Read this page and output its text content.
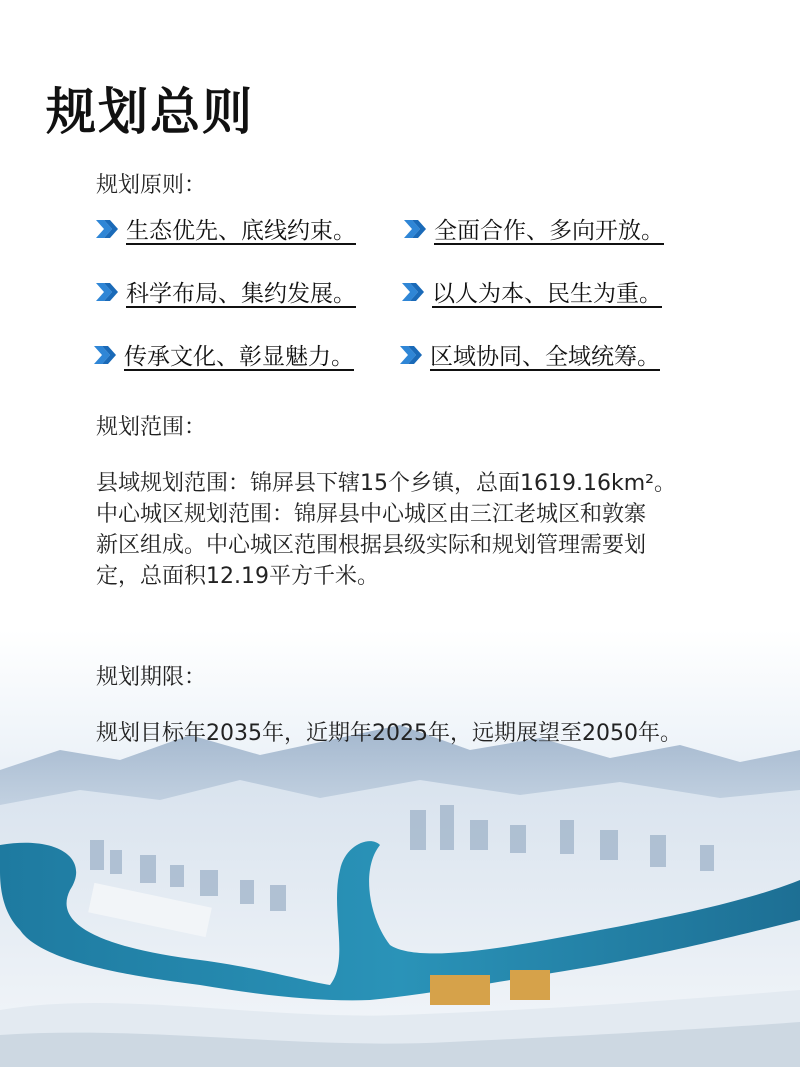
规划总则
规划原则：
生态优先、底线约束。	全面合作、多向开放。
科学布局、集约发展。	以人为本、民生为重。
传承文化、彰显魅力。	区域协同、全域统筹。
规划范围：
县域规划范围：锦屏县下辖15个乡镇，总面1619.16km²。
中心城区规划范围：锦屏县中心城区由三江老城区和敦寨
新区组成。中心城区范围根据县级实际和规划管理需要划
定，总面积12.19平方千米。
规划期限：
规划目标年2035年，近期年2025年，远期展望至2050年。
